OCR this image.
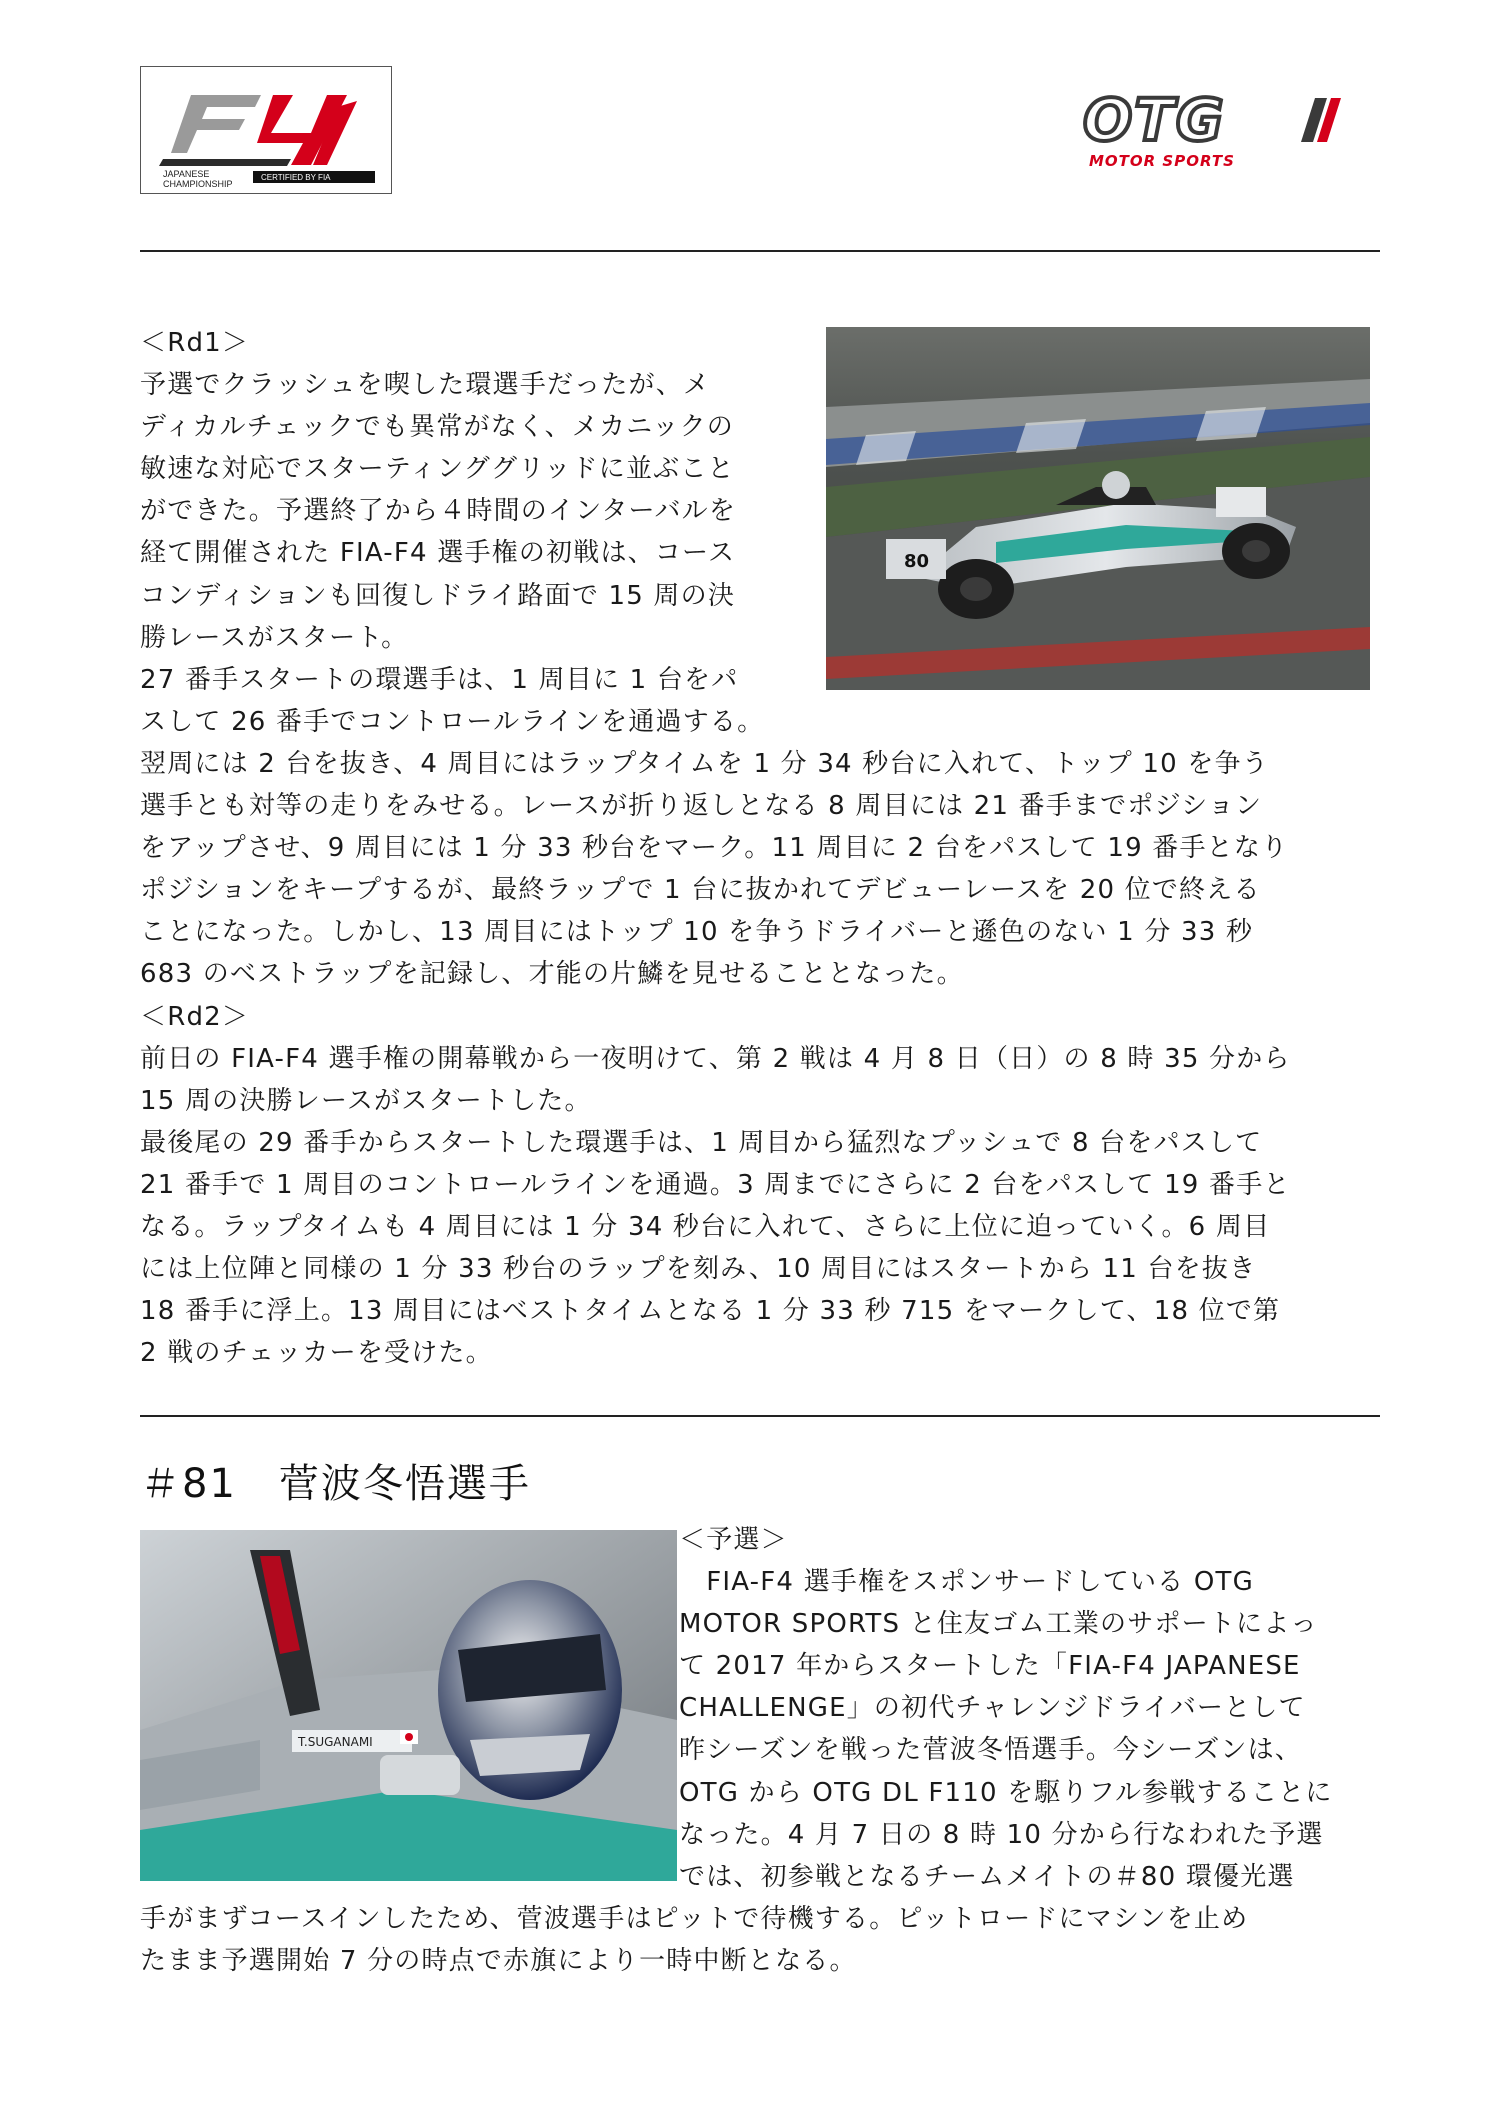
JAPANESE
CHAMPIONSHIP
CERTIFIED BY FIA
OTG
MOTOR SPORTS
＜Rd1＞
予選でクラッシュを喫した環選手だったが、メ
ディカルチェックでも異常がなく、メカニックの
敏速な対応でスターティンググリッドに並ぶこと
ができた。予選終了から４時間のインターバルを
経て開催された FIA-F4 選手権の初戦は、コース
コンディションも回復しドライ路面で 15 周の決
勝レースがスタート。
27 番手スタートの環選手は、1 周目に 1 台をパ
スして 26 番手でコントロールラインを通過する。
翌周には 2 台を抜き、4 周目にはラップタイムを 1 分 34 秒台に入れて、トップ 10 を争う
選手とも対等の走りをみせる。レースが折り返しとなる 8 周目には 21 番手までポジション
をアップさせ、9 周目には 1 分 33 秒台をマーク。11 周目に 2 台をパスして 19 番手となり
ポジションをキープするが、最終ラップで 1 台に抜かれてデビューレースを 20 位で終える
ことになった。しかし、13 周目にはトップ 10 を争うドライバーと遜色のない 1 分 33 秒
683 のベストラップを記録し、才能の片鱗を見せることとなった。
＜Rd2＞
前日の FIA-F4 選手権の開幕戦から一夜明けて、第 2 戦は 4 月 8 日（日）の 8 時 35 分から
15 周の決勝レースがスタートした。
最後尾の 29 番手からスタートした環選手は、1 周目から猛烈なプッシュで 8 台をパスして
21 番手で 1 周目のコントロールラインを通過。3 周までにさらに 2 台をパスして 19 番手と
なる。ラップタイムも 4 周目には 1 分 34 秒台に入れて、さらに上位に迫っていく。6 周目
には上位陣と同様の 1 分 33 秒台のラップを刻み、10 周目にはスタートから 11 台を抜き
18 番手に浮上。13 周目にはベストタイムとなる 1 分 33 秒 715 をマークして、18 位で第
2 戦のチェッカーを受けた。
80
＃81　菅波冬悟選手
T.SUGANAMI
＜予選＞
　FIA-F4 選手権をスポンサードしている OTG
MOTOR SPORTS と住友ゴム工業のサポートによっ
て 2017 年からスタートした「FIA-F4 JAPANESE
CHALLENGE」の初代チャレンジドライバーとして
昨シーズンを戦った菅波冬悟選手。今シーズンは、
OTG から OTG DL F110 を駆りフル参戦することに
なった。4 月 7 日の 8 時 10 分から行なわれた予選
では、初参戦となるチームメイトの＃80 環優光選
手がまずコースインしたため、菅波選手はピットで待機する。ピットロードにマシンを止め
たまま予選開始 7 分の時点で赤旗により一時中断となる。
